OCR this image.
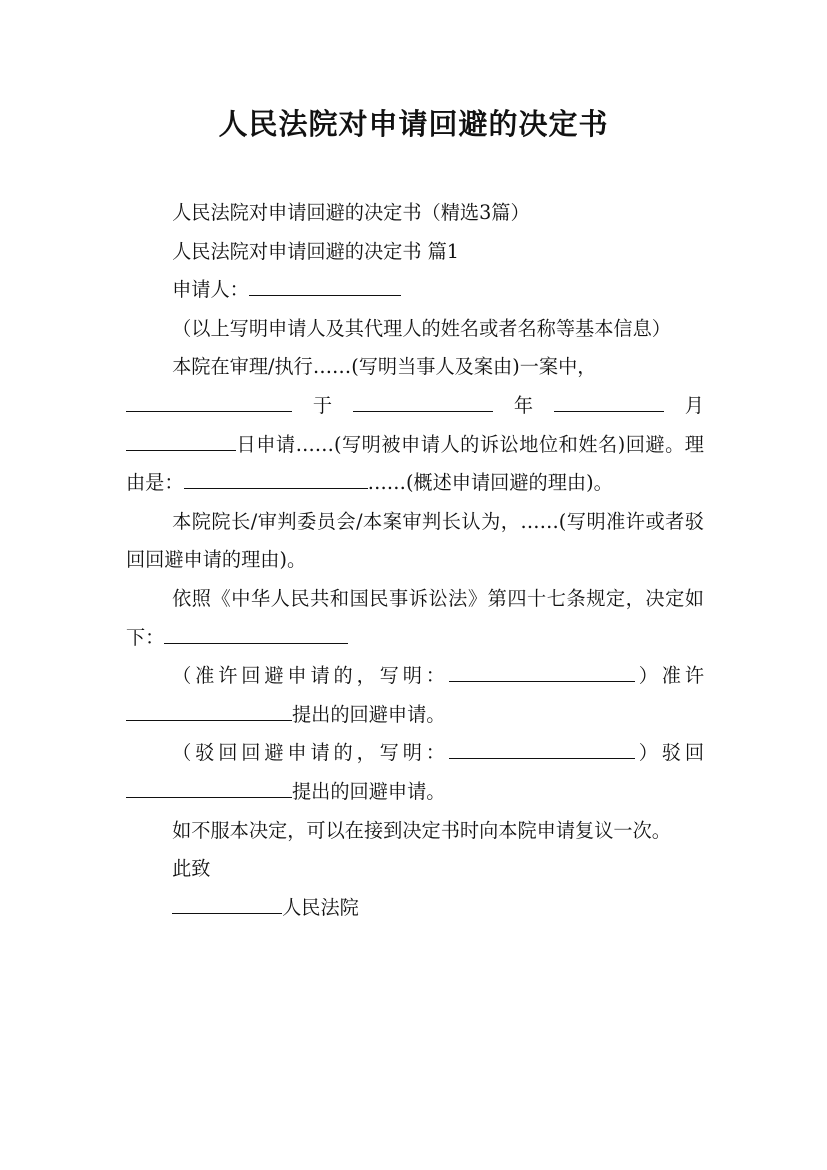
人民法院对申请回避的决定书

人民法院对申请回避的决定书（精选3篇）

人民法院对申请回避的决定书 篇1

申请人：

（以上写明申请人及其代理人的姓名或者名称等基本信息）

本院在审理/执行……(写明当事人及案由)一案中，

于	年	月

日申请……(写明被申请人的诉讼地位和姓名)回避。理由是：	……(概述申请回避的理由)。

本院院长/审判委员会/本案审判长认为，……(写明准许或者驳回回避申请的理由)。

依照《中华人民共和国民事诉讼法》第四十七条规定，决定如下：

（准许回避申请的，写明：	）准许提出的回避申请。

（驳回回避申请的，写明：	）驳回提出的回避申请。

如不服本决定，可以在接到决定书时向本院申请复议一次。

此致

人民法院
